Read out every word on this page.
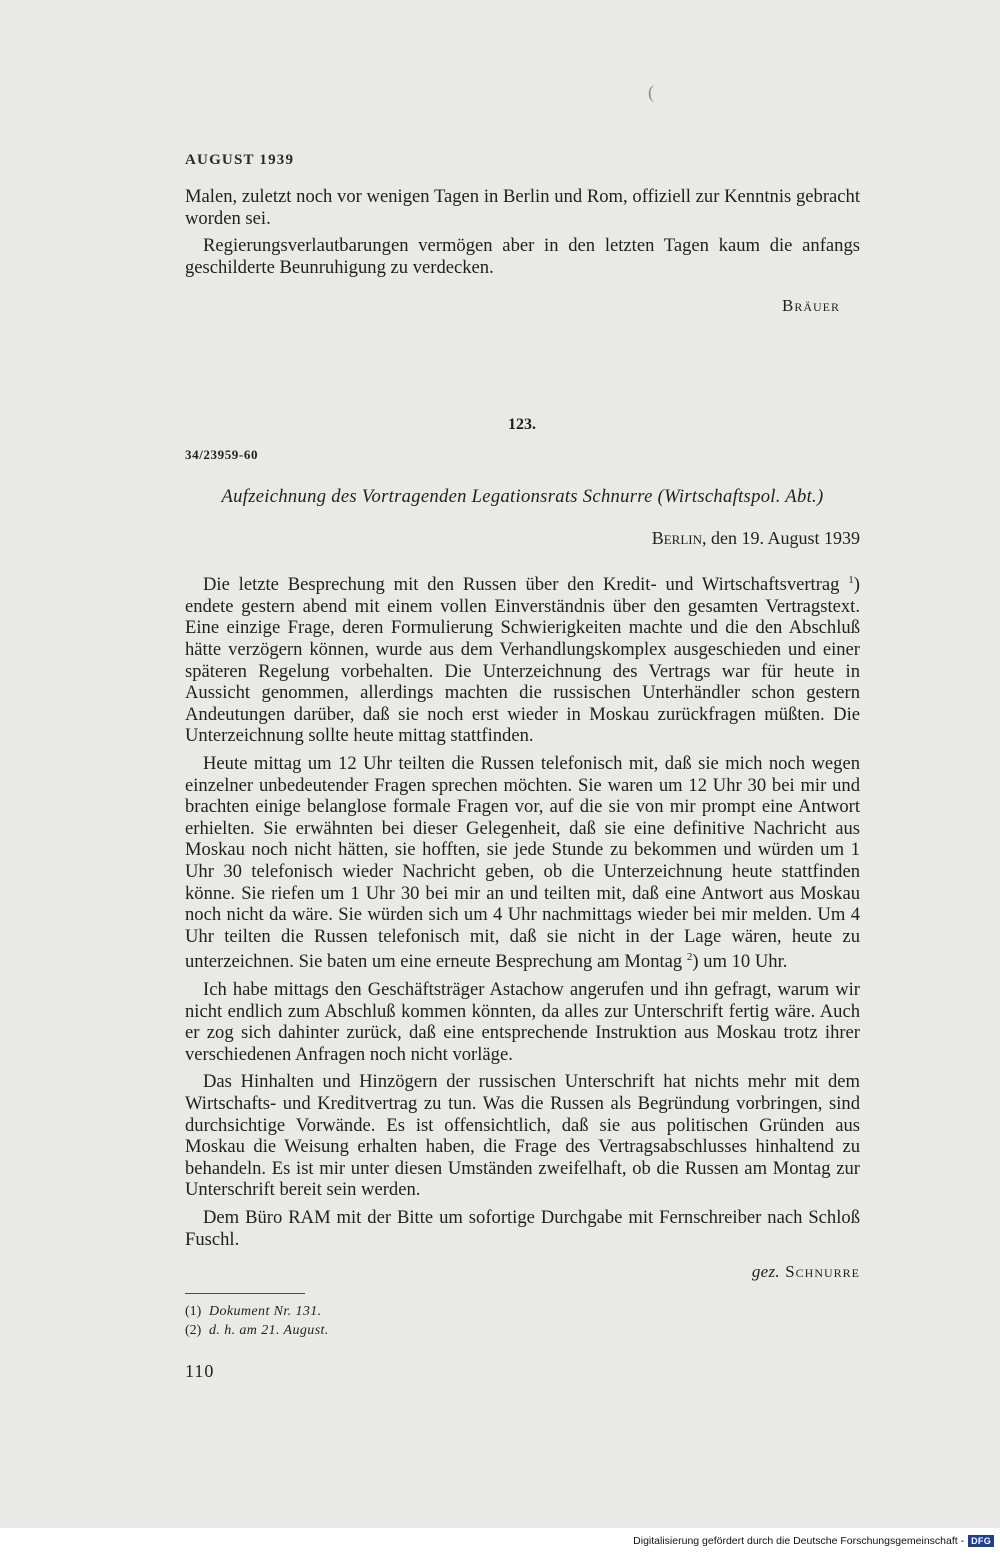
(
AUGUST 1939

Malen, zuletzt noch vor wenigen Tagen in Berlin und Rom, offiziell zur Kenntnis gebracht worden sei.

Regierungsverlautbarungen vermögen aber in den letzten Tagen kaum die anfangs geschilderte Beunruhigung zu verdecken.

Bräuer
123.
34/23959-60
Aufzeichnung des Vortragenden Legationsrats Schnurre (Wirtschaftspol. Abt.)
Berlin, den 19. August 1939

Die letzte Besprechung mit den Russen über den Kredit- und Wirtschaftsvertrag $^1$) endete gestern abend mit einem vollen Einverständnis über den gesamten Vertragstext. Eine einzige Frage, deren Formulierung Schwierigkeiten machte und die den Abschluß hätte verzögern können, wurde aus dem Verhandlungskomplex ausgeschieden und einer späteren Regelung vorbehalten. Die Unterzeichnung des Vertrags war für heute in Aussicht genommen, allerdings machten die russischen Unterhändler schon gestern Andeutungen darüber, daß sie noch erst wieder in Moskau zurückfragen müßten. Die Unterzeichnung sollte heute mittag stattfinden.

Heute mittag um 12 Uhr teilten die Russen telefonisch mit, daß sie mich noch wegen einzelner unbedeutender Fragen sprechen möchten. Sie waren um 12 Uhr 30 bei mir und brachten einige belanglose formale Fragen vor, auf die sie von mir prompt eine Antwort erhielten. Sie erwähnten bei dieser Gelegenheit, daß sie eine definitive Nachricht aus Moskau noch nicht hätten, sie hofften, sie jede Stunde zu bekommen und würden um 1 Uhr 30 telefonisch wieder Nachricht geben, ob die Unterzeichnung heute stattfinden könne. Sie riefen um 1 Uhr 30 bei mir an und teilten mit, daß eine Antwort aus Moskau noch nicht da wäre. Sie würden sich um 4 Uhr nachmittags wieder bei mir melden. Um 4 Uhr teilten die Russen telefonisch mit, daß sie nicht in der Lage wären, heute zu unterzeichnen. Sie baten um eine erneute Besprechung am Montag $^2$) um 10 Uhr.

Ich habe mittags den Geschäftsträger Astachow angerufen und ihn gefragt, warum wir nicht endlich zum Abschluß kommen könnten, da alles zur Unterschrift fertig wäre. Auch er zog sich dahinter zurück, daß eine entsprechende Instruktion aus Moskau trotz ihrer verschiedenen Anfragen noch nicht vorläge.

Das Hinhalten und Hinzögern der russischen Unterschrift hat nichts mehr mit dem Wirtschafts- und Kreditvertrag zu tun. Was die Russen als Begründung vorbringen, sind durchsichtige Vorwände. Es ist offensichtlich, daß sie aus politischen Gründen aus Moskau die Weisung erhalten haben, die Frage des Vertragsabschlusses hinhaltend zu behandeln. Es ist mir unter diesen Umständen zweifelhaft, ob die Russen am Montag zur Unterschrift bereit sein werden.

Dem Büro RAM mit der Bitte um sofortige Durchgabe mit Fernschreiber nach Schloß Fuschl.

gez. Schnurre
(1) Dokument Nr. 131.
(2) d. h. am 21. August.
110
Digitalisierung gefördert durch die Deutsche Forschungsgemeinschaft - DFG
